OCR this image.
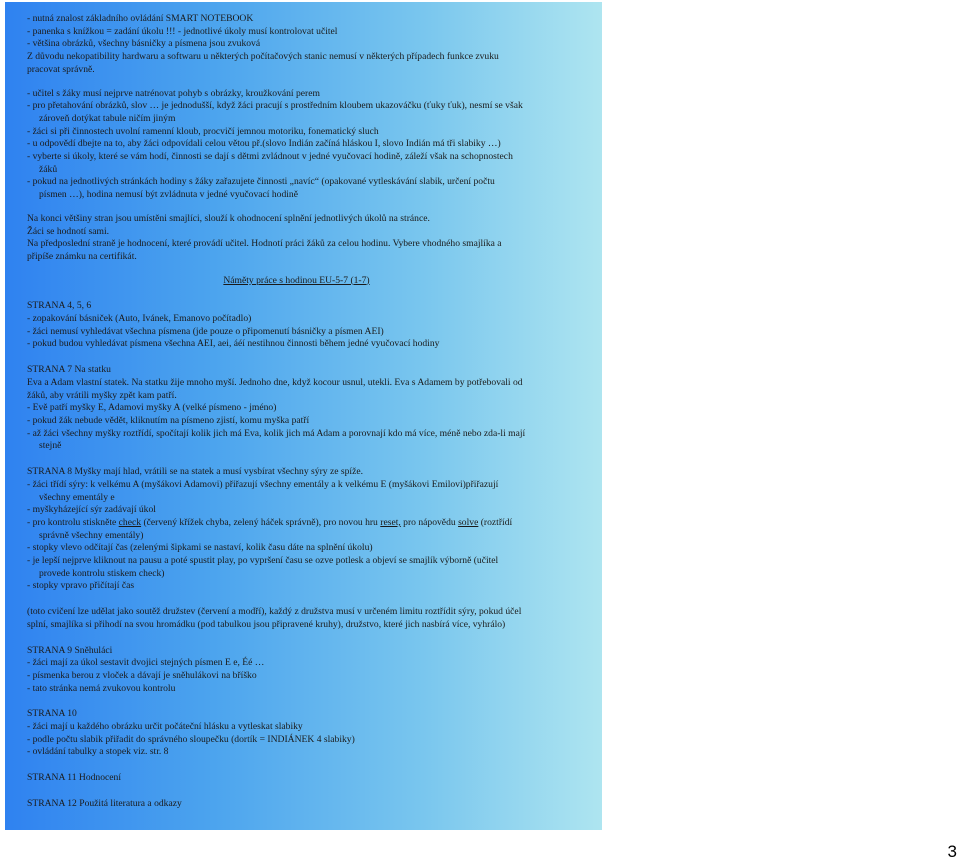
- nutná znalost základního ovládání SMART NOTEBOOK
- panenka s knížkou = zadání úkolu !!! - jednotlivé úkoly musí kontrolovat učitel
- většina obrázků, všechny básničky a písmena jsou zvuková
Z důvodu nekopatibility hardwaru a softwaru u některých počítačových stanic nemusí v některých případech funkce zvuku
pracovat správně.
- učitel s žáky musí nejprve natrénovat pohyb s obrázky, kroužkování perem
- pro přetahování obrázků, slov … je jednodušší, když žáci pracují s prostředním kloubem ukazováčku (ťuky ťuk), nesmí se však
zároveň dotýkat tabule ničím jiným
- žáci si při činnostech uvolní ramenní kloub, procvičí jemnou motoriku, fonematický sluch
- u odpovědí dbejte na to, aby žáci odpovídali celou větou př.(slovo Indián začíná hláskou I, slovo Indián má tři slabiky …)
- vyberte si úkoly, které se vám hodí, činnosti se dají s dětmi zvládnout v jedné vyučovací hodině, záleží však na schopnostech
žáků
- pokud na jednotlivých stránkách hodiny s žáky zařazujete činnosti „navíc“ (opakované vytleskávání slabik, určení počtu
písmen …), hodina nemusí být zvládnuta v jedné vyučovací hodině
Na konci většiny stran jsou umístěni smajlíci, slouží k ohodnocení splnění jednotlivých úkolů na stránce.
Žáci se hodnotí sami.
Na předposlední straně je hodnocení, které provádí učitel. Hodnotí práci žáků za celou hodinu. Vybere vhodného smajlíka a
připíše známku na certifikát.
Náměty práce s hodinou EU-5-7 (1-7)
STRANA 4, 5, 6
- zopakování básniček (Auto, Ivánek, Emanovo počítadlo)
- žáci nemusí vyhledávat všechna písmena (jde pouze o připomenutí básničky a písmen AEI)
- pokud budou vyhledávat písmena všechna AEI, aei, áéí nestihnou činnosti během jedné vyučovací hodiny
STRANA 7 Na statku
Eva a Adam vlastní statek. Na statku žije mnoho myší. Jednoho dne, když kocour usnul, utekli. Eva s Adamem by potřebovali od
žáků, aby vrátili myšky zpět kam patří.
- Evě patří myšky E, Adamovi myšky A (velké písmeno - jméno)
- pokud žák nebude vědět, kliknutím na písmeno zjistí, komu myška patří
- až žáci všechny myšky roztřídí, spočítají kolik jich má Eva, kolik jich má Adam a porovnají kdo má více, méně nebo zda-li mají
stejně
STRANA 8 Myšky mají hlad, vrátili se na statek a musí vysbírat všechny sýry ze spíže.
- žáci třídí sýry: k velkému A (myšákovi Adamovi) přiřazují všechny ementály a k velkému E (myšákovi Emilovi)přiřazují
všechny ementály e
- myškyházející sýr zadávají úkol
- pro kontrolu stiskněte check (červený křížek chyba, zelený háček správně), pro novou hru reset, pro nápovědu solve (roztřídí
správně všechny ementály)
- stopky vlevo odčítají čas (zelenými šipkami se nastaví, kolik času dáte na splnění úkolu)
- je lepší nejprve kliknout na pausu a poté spustit play, po vypršení času se ozve potlesk a objeví se smajlík výborně (učitel
provede kontrolu stiskem check)
- stopky vpravo přičítají čas
(toto cvičení lze udělat jako soutěž družstev (červení a modří), každý z družstva musí v určeném limitu roztřídit sýry, pokud účel
splní, smajlíka si přihodí na svou hromádku (pod tabulkou jsou připravené kruhy), družstvo, které jich nasbírá více, vyhrálo)
STRANA 9 Sněhuláci
- žáci mají za úkol sestavit dvojici stejných písmen E e, Éé …
- písmenka berou z vloček a dávají je sněhulákovi na bříško
- tato stránka nemá zvukovou kontrolu
STRANA 10
- žáci mají u každého obrázku určit počáteční hlásku a vytleskat slabiky
- podle počtu slabik přiřadit do správného sloupečku (dortík = INDIÁNEK 4 slabiky)
- ovládání tabulky a stopek viz. str. 8
STRANA 11 Hodnocení
STRANA 12 Použitá literatura a odkazy
3
